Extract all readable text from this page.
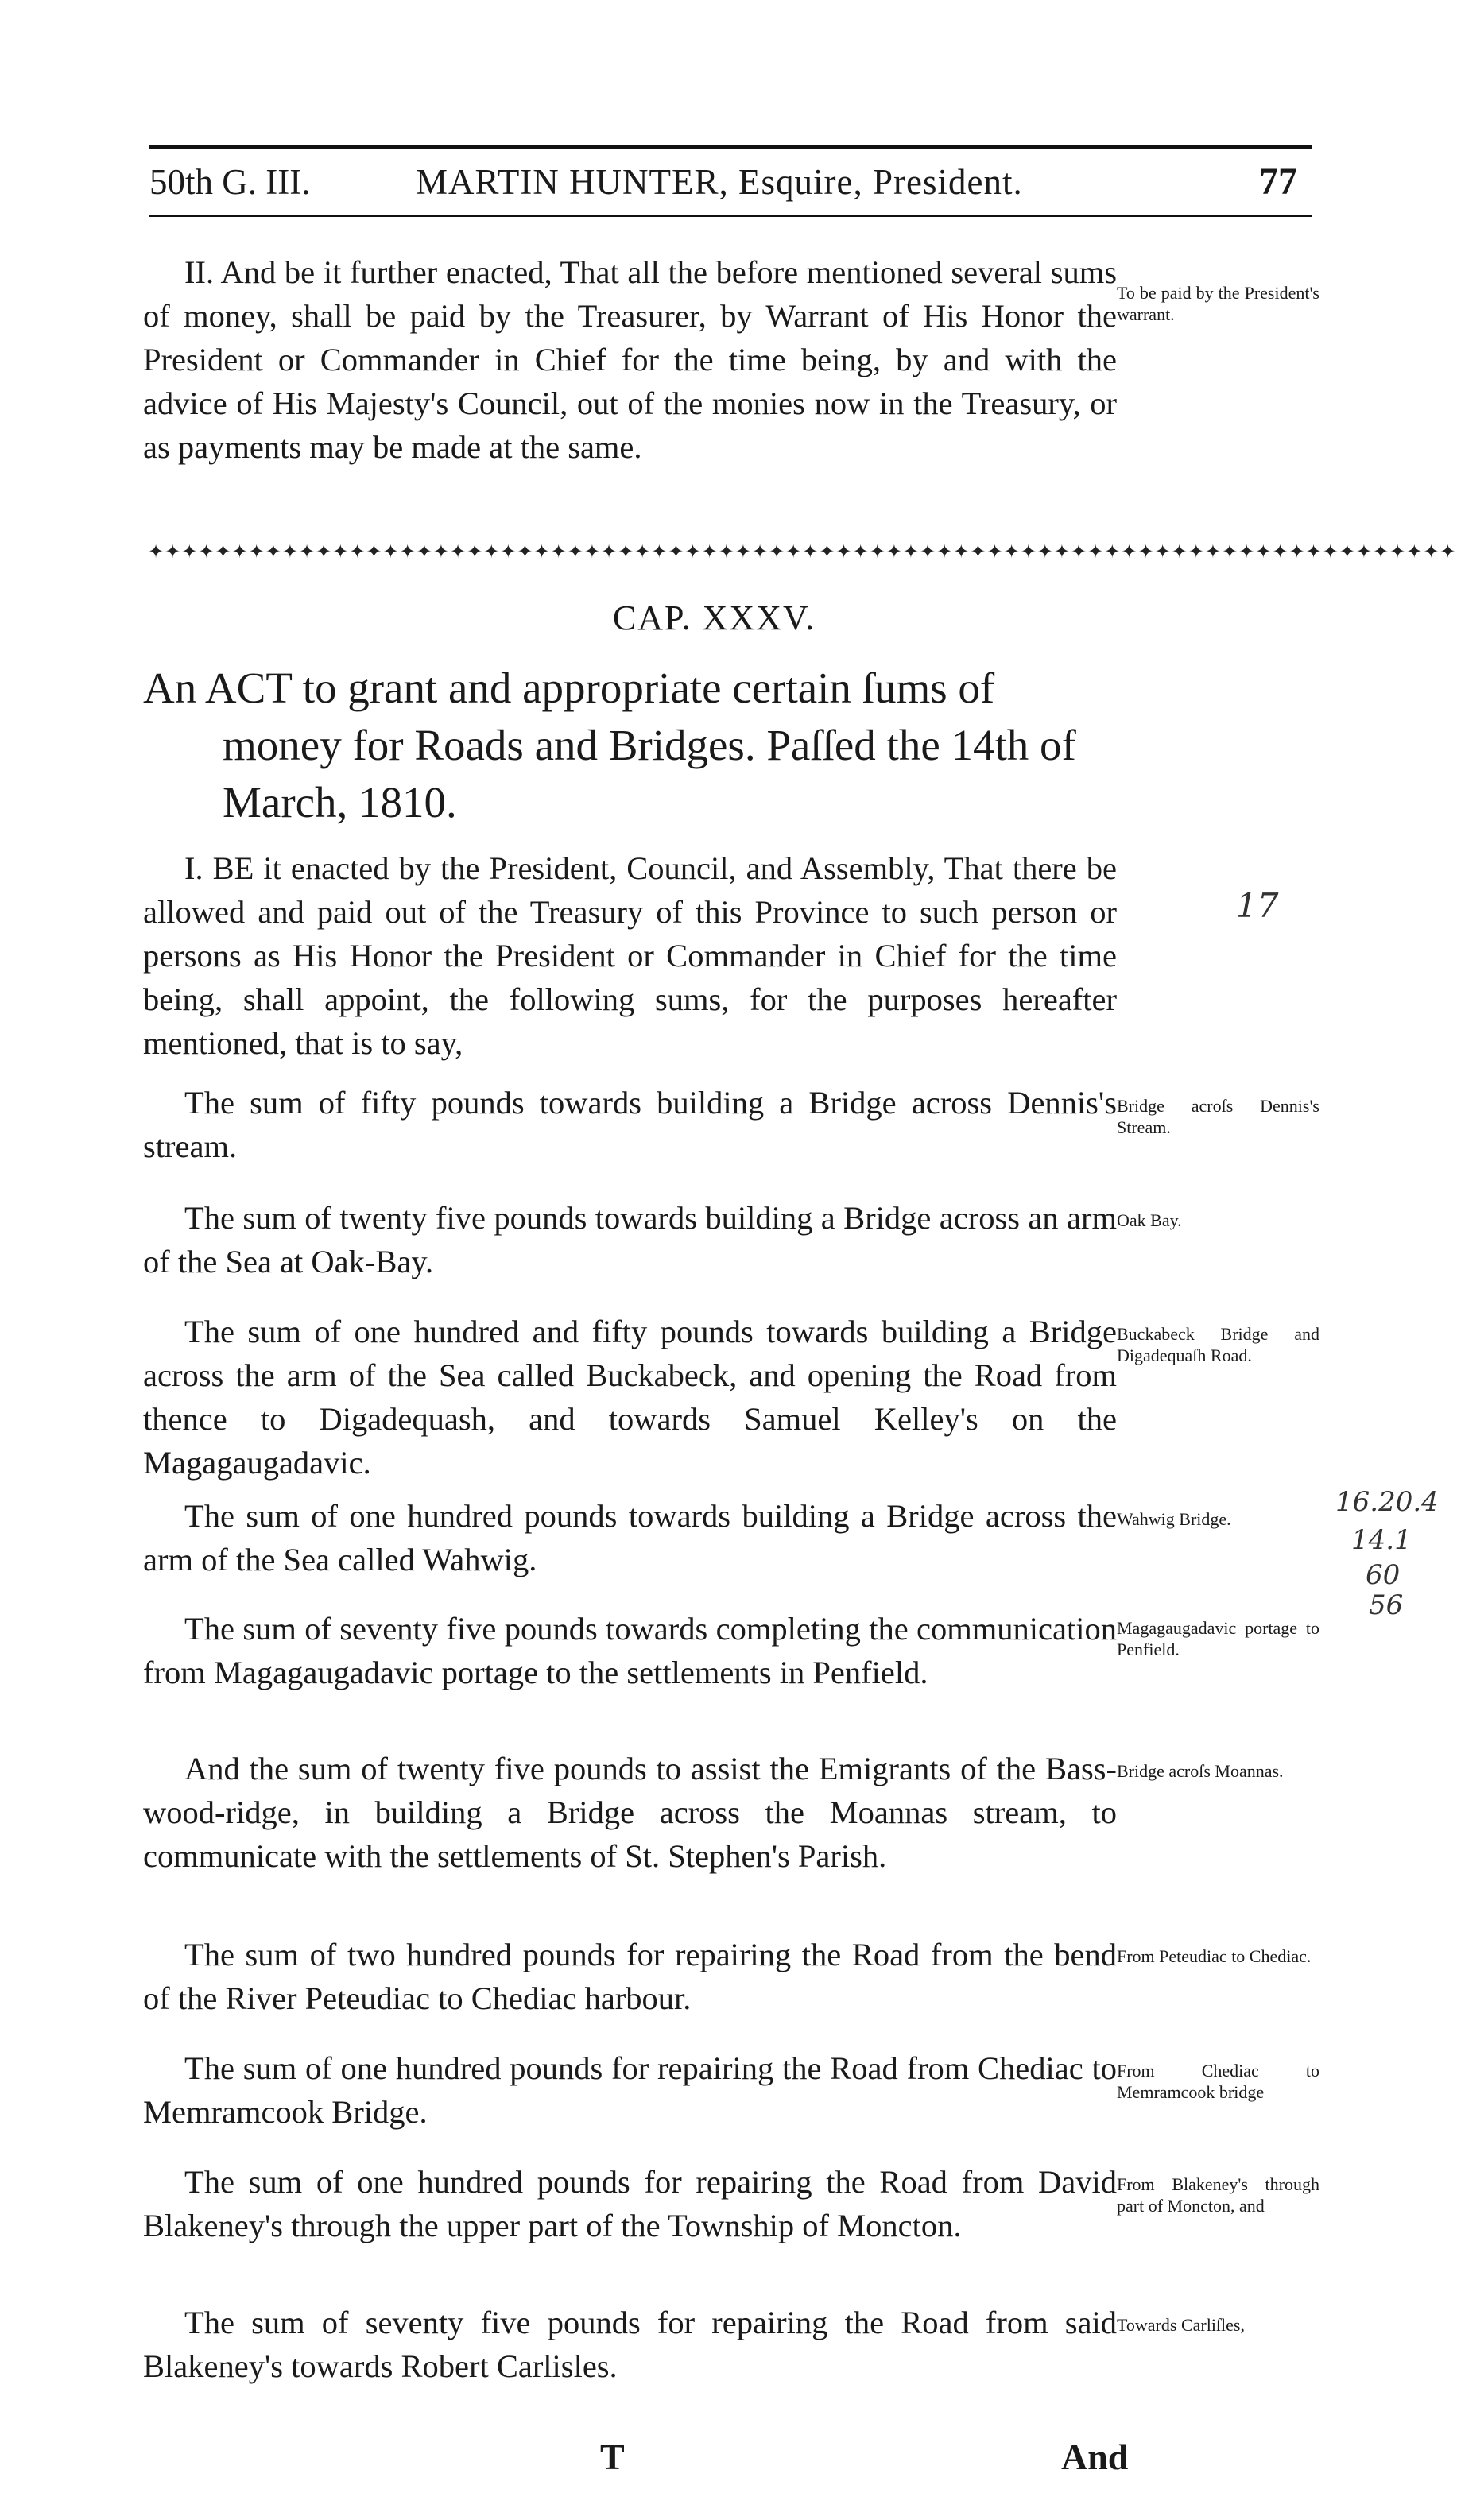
50th G. III.	MARTIN HUNTER, Esquire, President.	77

II. And be it further enacted, That all the before mentioned several sums of money, shall be paid by the Treasurer, by Warrant of His Honor the President or Commander in Chief for the time being, by and with the advice of His Majesty's Council, out of the monies now in the Treasury, or as payments may be made at the same.

To be paid by the President's warrant.
✦✦✦✦✦✦✦✦✦✦✦✦✦✦✦✦✦✦✦✦✦✦✦✦✦✦✦✦✦✦✦✦✦✦✦✦✦✦✦✦✦✦✦✦✦✦✦✦✦✦✦✦✦✦✦✦✦✦✦✦✦✦✦✦✦✦✦✦✦✦✦✦✦✦✦✦✦✦
CAP. XXXV.
An ACT to grant and appropriate certain ſums of money for Roads and Bridges. Paſſed the 14th of March, 1810.

I. BE it enacted by the President, Council, and Assembly, That there be allowed and paid out of the Treasury of this Province to such person or persons as His Honor the President or Commander in Chief for the time being, shall appoint, the following sums, for the purposes hereafter mentioned, that is to say,

17

The sum of fifty pounds towards building a Bridge across Dennis's stream.

Bridge acroſs Dennis's Stream.

The sum of twenty five pounds towards building a Bridge across an arm of the Sea at Oak-Bay.

Oak Bay.

The sum of one hundred and fifty pounds towards building a Bridge across the arm of the Sea called Buckabeck, and opening the Road from thence to Digadequash, and towards Samuel Kelley's on the Magagaugadavic.

Buckabeck Bridge and Digadequaſh Road.

The sum of one hundred pounds towards building a Bridge across the arm of the Sea called Wahwig.

Wahwig Bridge.

The sum of seventy five pounds towards completing the communication from Magagaugadavic portage to the settlements in Penfield.

Magagaugadavic portage to Penfield.

And the sum of twenty five pounds to assist the Emigrants of the Bass-wood-ridge, in building a Bridge across the Moannas stream, to communicate with the settlements of St. Stephen's Parish.

Bridge acroſs Moannas.

The sum of two hundred pounds for repairing the Road from the bend of the River Peteudiac to Chediac harbour.

From Peteudiac to Chediac.

The sum of one hundred pounds for repairing the Road from Chediac to Memramcook Bridge.

From Chediac to Memramcook bridge

The sum of one hundred pounds for repairing the Road from David Blakeney's through the upper part of the Township of Moncton.

From Blakeney's through part of Moncton, and

The sum of seventy five pounds for repairing the Road from said Blakeney's towards Robert Carlisles.

Towards Carliſles,
16.20.4
14.1
60
56
T	And
